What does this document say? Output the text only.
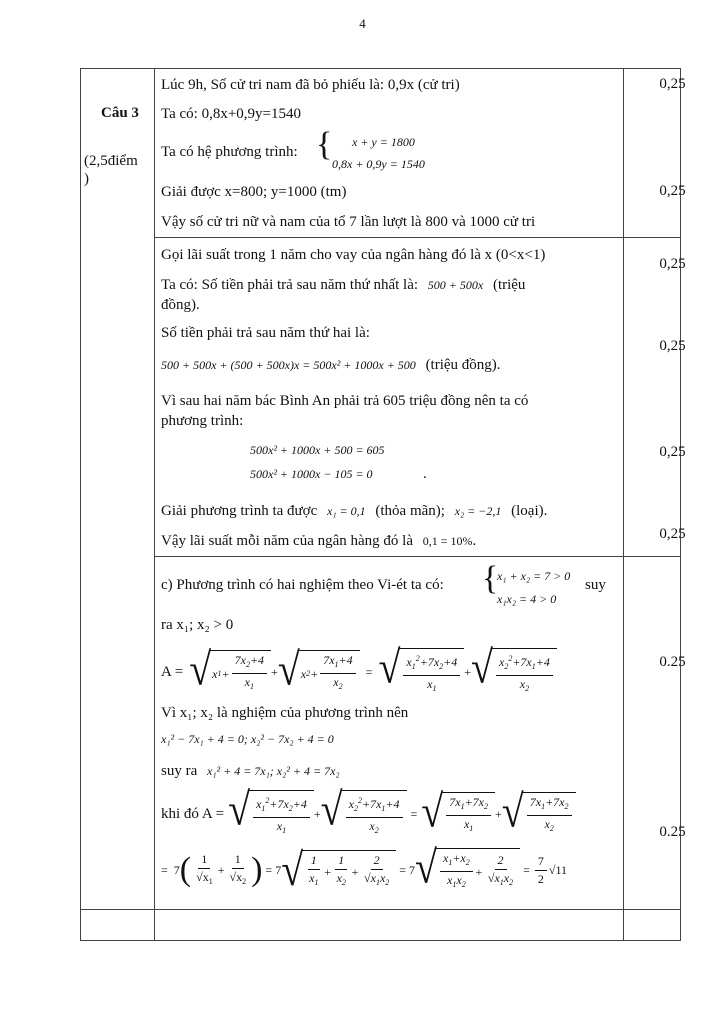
4
Câu 3
(2,5điểm
)
Lúc 9h, Số cử tri nam đã bỏ phiếu là: 0,9x (cử tri)
Ta có: 0,8x+0,9y=1540
Ta có hệ phương trình: { x + y = 1800
0,8x + 0,9y = 1540
Giải được x=800; y=1000 (tm)
Vậy số cử tri nữ và nam của tổ 7 lần lượt là 800 và 1000 cử tri
0,25
0,25
Gọi lãi suất trong 1 năm cho vay của ngân hàng đó là x (0<x<1)
Ta có: Số tiền phải trả sau năm thứ nhất là: 500 + 500x (triệu
đồng).
Số tiền phải trả sau năm thứ hai là:
500 + 500x + (500 + 500x)x = 500x² + 1000x + 500 (triệu đồng).
Vì sau hai năm bác Bình An phải trả 605 triệu đồng nên ta có
phương trình:
500x² + 1000x + 500 = 605
500x² + 1000x − 105 = 0	.
Giải phương trình ta được x₁ = 0,1 (thỏa mãn); x₂ = −2,1 (loại).
Vậy lãi suất mỗi năm của ngân hàng đó là 0,1 = 10%.
0,25
0,25
0,25
0,25
c) Phương trình có hai nghiệm theo Vi-ét ta có: {
x₁ + x₂ = 7 > 0
x₁x₂ = 4 > 0
suy
ra x₁; x₂ > 0
A = √ x $1 + \frac{7x_2+4}{x_1}$ + √ x $2 + \frac{7x_1+4}{x_2}$ = √ $\frac{x_1^2+7x_2+4}{x_1}$ + √ $\frac{x_2^2+7x_1+4}{x_2}$
Vì x₁; x₂ là nghiệm của phương trình nên
x₁² − 7x₁ + 4 = 0; x₂² − 7x₂ + 4 = 0
suy ra x₁² + 4 = 7x₁; x₂² + 4 = 7x₂
khi đó A = √ $\frac{x_1^2+7x_2+4}{x_1}$ + √ $\frac{x_2^2+7x_1+4}{x_2}$ = √ $\frac{7x_1+7x_2}{x_1}$ + √ $\frac{7x_1+7x_2}{x_2}$
=  7 ( $\frac{1}{√x_1} + \frac{1}{√x_2}$ ) = 7 √ $\frac{1}{x_1} + \frac{1}{x_2} + \frac{2}{√x_1x_2} = 7$ √ $\frac{x_1+x_2}{x_1x_2} + \frac{2}{√x_1x_2} = \frac{7}{2} √11$
0.25
0.25
